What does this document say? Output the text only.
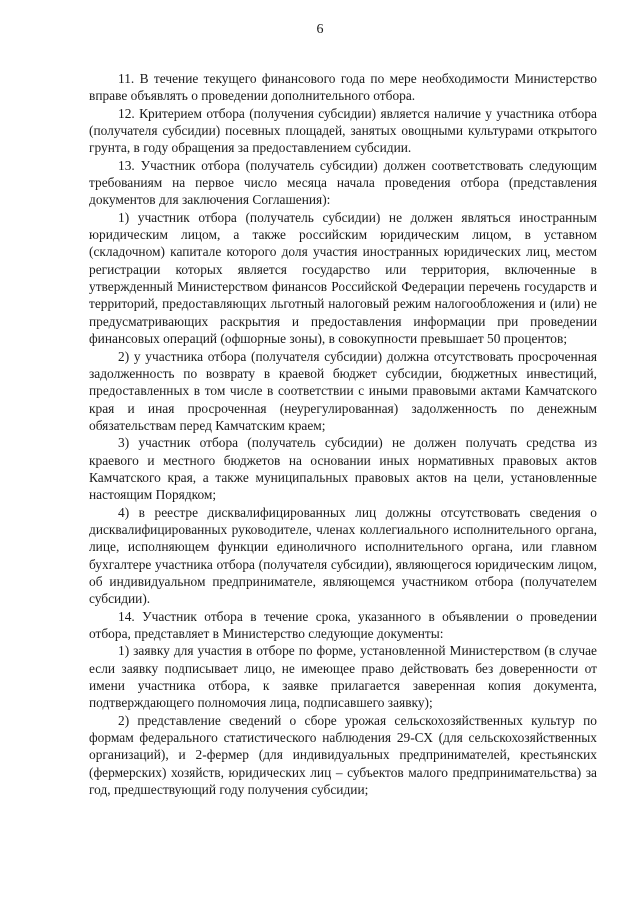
6

11. В течение текущего финансового года по мере необходимости Министерство вправе объявлять о проведении дополнительного отбора.

12. Критерием отбора (получения субсидии) является наличие у участника отбора (получателя субсидии) посевных площадей, занятых овощными культурами открытого грунта, в году обращения за предоставлением субсидии.

13. Участник отбора (получатель субсидии) должен соответствовать следующим требованиям на первое число месяца начала проведения отбора (представления документов для заключения Соглашения):

1) участник отбора (получатель субсидии) не должен являться иностранным юридическим лицом, а также российским юридическим лицом, в уставном (складочном) капитале которого доля участия иностранных юридических лиц, местом регистрации которых является государство или территория, включенные в утвержденный Министерством финансов Российской Федерации перечень государств и территорий, предоставляющих льготный налоговый режим налогообложения и (или) не предусматривающих раскрытия и предоставления информации при проведении финансовых операций (офшорные зоны), в совокупности превышает 50 процентов;

2) у участника отбора (получателя субсидии) должна отсутствовать просроченная задолженность по возврату в краевой бюджет субсидии, бюджетных инвестиций, предоставленных в том числе в соответствии с иными правовыми актами Камчатского края и иная просроченная (неурегулированная) задолженность по денежным обязательствам перед Камчатским краем;

3) участник отбора (получатель субсидии) не должен получать средства из краевого и местного бюджетов на основании иных нормативных правовых актов Камчатского края, а также муниципальных правовых актов на цели, установленные настоящим Порядком;

4) в реестре дисквалифицированных лиц должны отсутствовать сведения о дисквалифицированных руководителе, членах коллегиального исполнительного органа, лице, исполняющем функции единоличного исполнительного органа, или главном бухгалтере участника отбора (получателя субсидии), являющегося юридическим лицом, об индивидуальном предпринимателе, являющемся участником отбора (получателем субсидии).

14. Участник отбора в течение срока, указанного в объявлении о проведении отбора, представляет в Министерство следующие документы:

1) заявку для участия в отборе по форме, установленной Министерством (в случае если заявку подписывает лицо, не имеющее право действовать без доверенности от имени участника отбора, к заявке прилагается заверенная копия документа, подтверждающего полномочия лица, подписавшего заявку);

2) представление сведений о сборе урожая сельскохозяйственных культур по формам федерального статистического наблюдения 29-СХ (для сельскохозяйственных организаций), и 2-фермер (для индивидуальных предпринимателей, крестьянских (фермерских) хозяйств, юридических лиц – субъектов малого предпринимательства) за год, предшествующий году получения субсидии;
